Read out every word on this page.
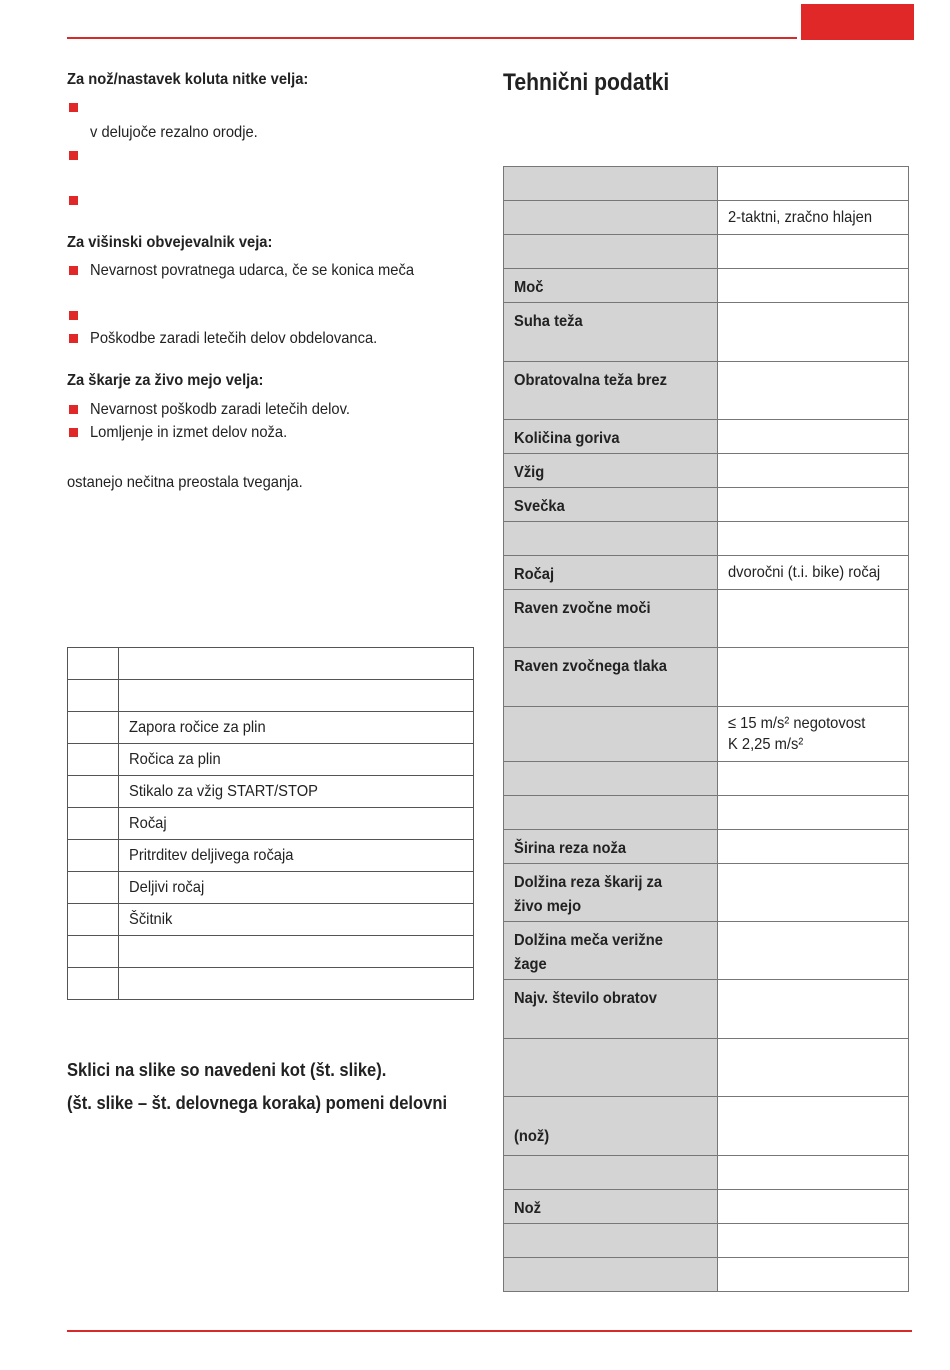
Za nož/nastavek koluta nitke velja:
v delujoče rezalno orodje.
Za višinski obvejevalnik veja:
Nevarnost povratnega udarca, če se konica meča
Poškodbe zaradi letečih delov obdelovanca.
Za škarje za živo mejo velja:
Nevarnost poškodb zaradi letečih delov.
Lomljenje in izmet delov noža.
ostanejo nečitna preostala tveganja.

	Zapora ročice za plin
	Ročica za plin
	Stikalo za vžig START/STOP
	Ročaj
	Pritrditev deljivega ročaja
	Deljivi ročaj
	Ščitnik

Sklici na slike so navedeni kot (št. slike).
(št. slike – št. delovnega koraka) pomeni delovni
Tehnični podatki

	2-taktni, zračno hlajen

Moč	

Suha teža	

Obratovalna teža brez	

Količina goriva	

Vžig	

Svečka	

Ročaj	dvoročni (t.i. bike) ročaj

Raven zvočne moči	

Raven zvočnega tlaka	

	≤ 15 m/s² negotovost
K 2,25 m/s²

Širina reza noža	

Dolžina reza škarij za živo mejo	

Dolžina meča verižne žage	

Najv. število obratov	

(nož)	

Nož	
